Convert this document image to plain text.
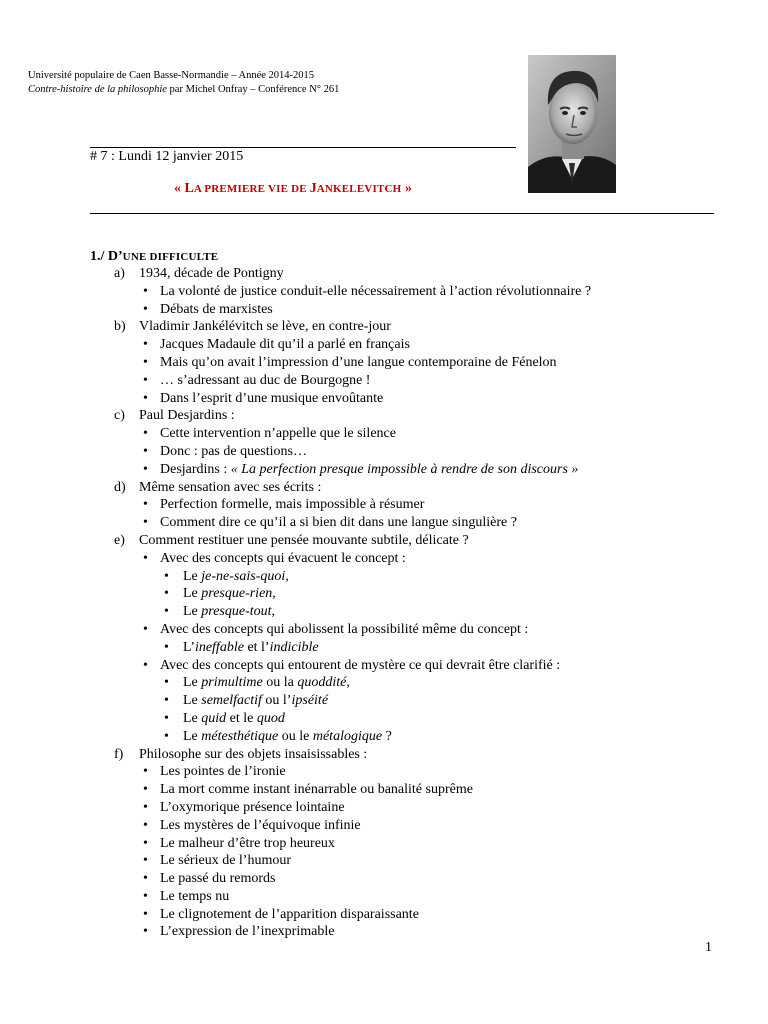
Université populaire de Caen Basse-Normandie – Année 2014-2015
Contre-histoire de la philosophie par Michel Onfray – Conférence N° 261
# 7 : Lundi 12 janvier 2015
« LA PREMIERE VIE DE JANKELEVITCH »
1./ D’UNE DIFFICULTE
a) 1934, décade de Pontigny
• La volonté de justice conduit-elle nécessairement à l’action révolutionnaire ?
• Débats de marxistes
b) Vladimir Jankélévitch se lève, en contre-jour
• Jacques Madaule dit qu’il a parlé en français
• Mais qu’on avait l’impression d’une langue contemporaine de Fénelon
• … s’adressant au duc de Bourgogne !
• Dans l’esprit d’une musique envoûtante
c) Paul Desjardins :
• Cette intervention n’appelle que le silence
• Donc : pas de questions…
• Desjardins : « La perfection presque impossible à rendre de son discours »
d) Même sensation avec ses écrits :
• Perfection formelle, mais impossible à résumer
• Comment dire ce qu’il a si bien dit dans une langue singulière ?
e) Comment restituer une pensée mouvante subtile, délicate ?
• Avec des concepts qui évacuent le concept :
• Le je-ne-sais-quoi,
• Le presque-rien,
• Le presque-tout,
• Avec des concepts qui abolissent la possibilité même du concept :
• L’ineffable et l’indicible
• Avec des concepts qui entourent de mystère ce qui devrait être clarifié :
• Le primultime ou la quoddité,
• Le semelfactif ou l’ipséité
• Le quid et le quod
• Le métesthétique ou le métalogique ?
f) Philosophe sur des objets insaisissables :
• Les pointes de l’ironie
• La mort comme instant inénarrable ou banalité suprême
• L’oxymorique présence lointaine
• Les mystères de l’équivoque infinie
• Le malheur d’être trop heureux
• Le sérieux de l’humour
• Le passé du remords
• Le temps nu
• Le clignotement de l’apparition disparaissante
• L’expression de l’inexprimable
1
